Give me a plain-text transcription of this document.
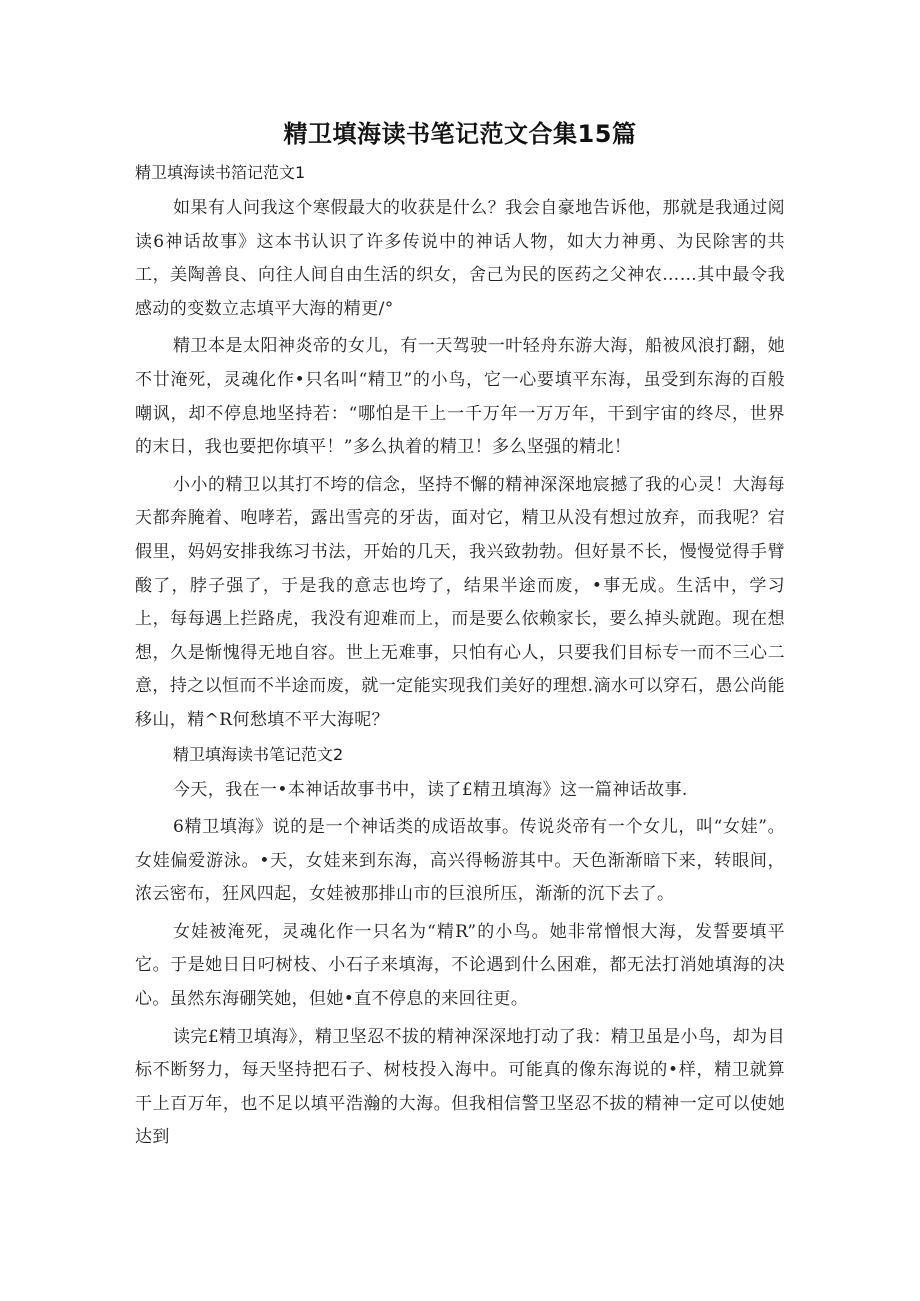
精卫填海读书笔记范文合集15篇

精卫填海读书箔记范文1

如果有人问我这个寒假最大的收获是什么？我会自豪地告诉他，那就是我通过阅读6神话故事》这本书认识了许多传说中的神话人物，如大力神勇、为民除害的共工，美陶善良、向往人间自由生活的织女，舍己为民的医药之父神农……其中最令我感动的变数立志填平大海的精更/°

精卫本是太阳神炎帝的女儿，有一天驾驶一叶轻舟东游大海，船被风浪打翻，她不廿淹死，灵魂化作•只名叫“精卫”的小鸟，它一心要填平东海，虽受到东海的百般嘲讽，却不停息地坚持若：“哪怕是干上一千万年一万万年，干到宇宙的终尽，世界的末日，我也要把你填平！”多么执着的精卫！多么坚强的精北！

小小的精卫以其打不垮的信念，坚持不懈的精神深深地宸撼了我的心灵！大海每天都奔腌着、咆哮若，露出雪亮的牙齿，面对它，精卫从没有想过放弃，而我呢？宕假里，妈妈安排我练习书法，开始的几天，我兴致勃勃。但好景不长，慢慢觉得手臂酸了，脖子强了，于是我的意志也垮了，结果半途而废，•事无成。生活中，学习上，每每遇上拦路虎，我没有迎难而上，而是要么依赖家长，要么掉头就跑。现在想想，久是惭愧得无地自容。世上无难事，只怕有心人，只要我们目标专一而不三心二意，持之以恒而不半途而废，就一定能实现我们美好的理想.滴水可以穿石，愚公尚能移山，精^R何愁填不平大海呢？

精卫填海读书笔记范文2

今天，我在一•本神话故事书中，读了£精丑填海》这一篇神话故事.

6精卫填海》说的是一个神话类的成语故事。传说炎帝有一个女儿，叫“女娃”。女娃偏爱游泳。•天，女娃来到东海，高兴得畅游其中。天色渐渐暗下来，转眼间，浓云密布，狂风四起，女娃被那排山市的巨浪所压，渐渐的沉下去了。

女娃被淹死，灵魂化作一只名为“精R”的小鸟。她非常憎恨大海，发誓要填平它。于是她日日叼树枝、小石子来填海，不论遇到什么困难，都无法打消她填海的决心。虽然东海硼笑她，但她•直不停息的来回往更。

读完£精卫填海》，精卫坚忍不拔的精神深深地打动了我：精卫虽是小鸟，却为目标不断努力，每天坚持把石子、树枝投入海中。可能真的像东海说的•样，精卫就算干上百万年，也不足以填平浩瀚的大海。但我相信警卫坚忍不拔的精神一定可以使她达到
